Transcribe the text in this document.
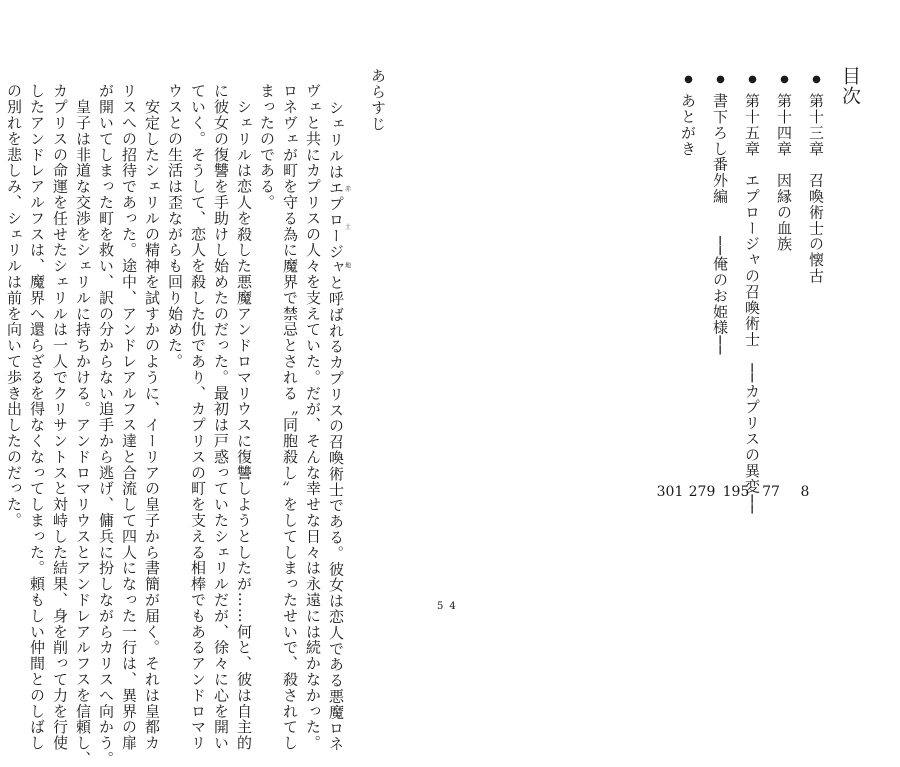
目次
●第十三章　召喚術士の懐古
●第十四章　因縁の血族
●第十五章　エプロージャの召喚術士　──カプリスの異変──
●書下ろし番外編　　──俺のお姫様──
●あとがき
8
77
195
279
301
あらすじ
シェリルはエプロージャ赤土地と呼ばれるカプリスの召喚術士である。彼女は恋人である悪魔ロネ
ヴェと共にカプリスの人々を支えていた。だが、そんな幸せな日々は永遠には続かなかった。
ロネヴェが町を守る為に魔界で禁忌とされる〝同胞殺し〟をしてしまったせいで、殺されてし
まったのである。
　シェリルは恋人を殺した悪魔アンドロマリウスに復讐しようとしたが……何と、彼は自主的
に彼女の復讐を手助けし始めたのだった。最初は戸惑っていたシェリルだが、徐々に心を開い
ていく。そうして、恋人を殺した仇であり、カプリスの町を支える相棒でもあるアンドロマリ
ウスとの生活は歪ながらも回り始めた。
　安定したシェリルの精神を試すかのように、イーリアの皇子から書簡が届く。それは皇都カ
リスへの招待であった。途中、アンドレアルフス達と合流して四人になった一行は、異界の扉
が開いてしまった町を救い、訳の分からない追手から逃げ、傭兵に扮しながらカリスへ向かう。
　皇子は非道な交渉をシェリルに持ちかける。アンドロマリウスとアンドレアルフスを信頼し、
カプリスの命運を任せたシェリルは一人でクリサントスと対峙した結果、身を削って力を行使
したアンドレアルフスは、魔界へ還らざるを得なくなってしまった。頼もしい仲間とのしばし
の別れを悲しみ、シェリルは前を向いて歩き出したのだった。
54
